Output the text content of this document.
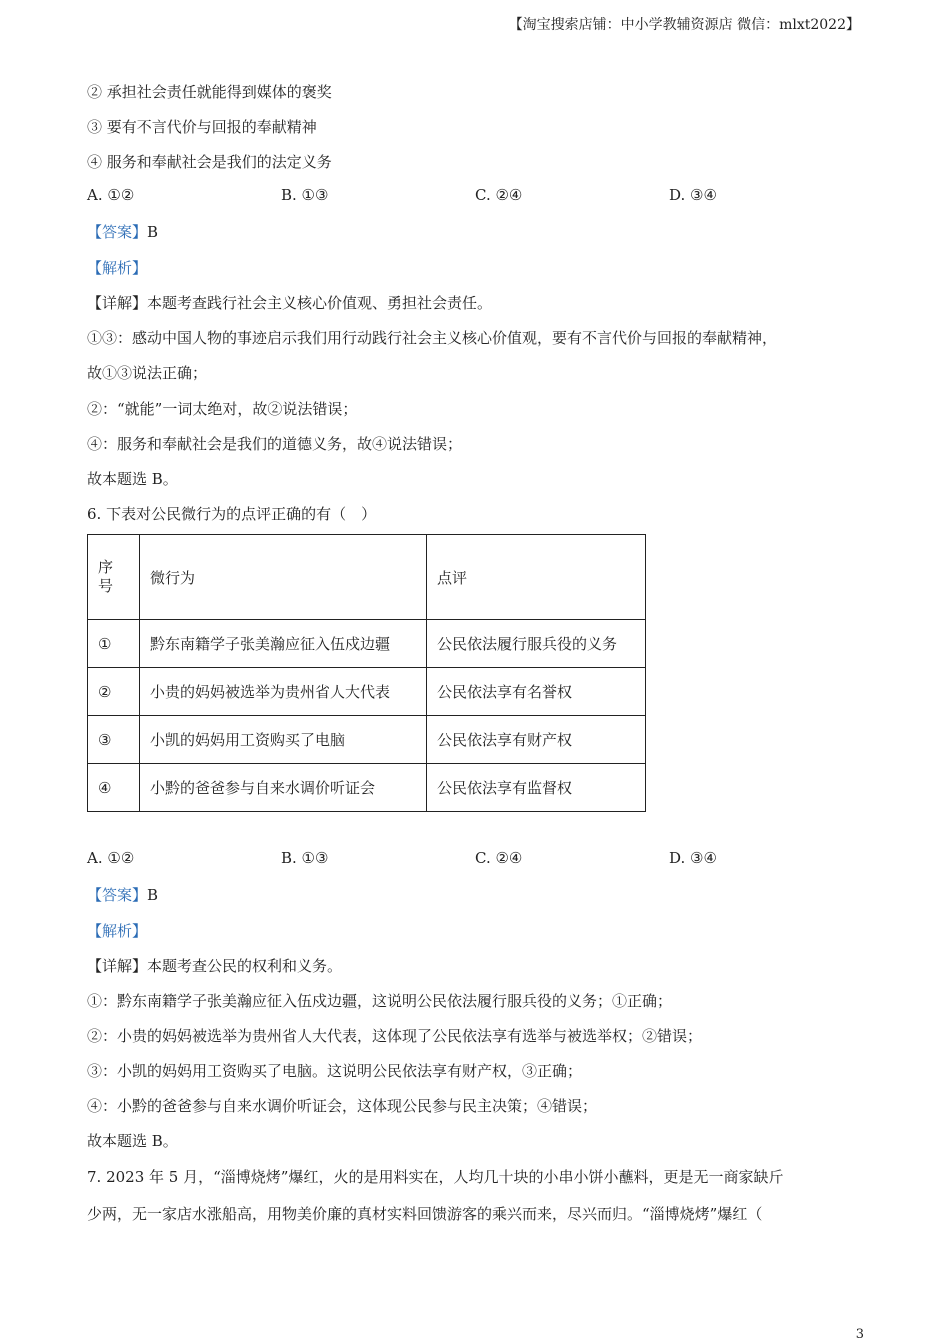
【淘宝搜索店铺：中小学教辅资源店 微信：mlxt2022】
② 承担社会责任就能得到媒体的褒奖
③ 要有不言代价与回报的奉献精神
④ 服务和奉献社会是我们的法定义务
A. ①②	B. ①③	C. ②④	D. ③④
【答案】B
【解析】
【详解】本题考查践行社会主义核心价值观、勇担社会责任。
①③：感动中国人物的事迹启示我们用行动践行社会主义核心价值观，要有不言代价与回报的奉献精神，
故①③说法正确；
②：“就能”一词太绝对，故②说法错误；
④：服务和奉献社会是我们的道德义务，故④说法错误；
故本题选 B。
6. 下表对公民微行为的点评正确的有（　）
序
号	微行为	点评
①	黔东南籍学子张美瀚应征入伍戍边疆	公民依法履行服兵役的义务
②	小贵的妈妈被选举为贵州省人大代表	公民依法享有名誉权
③	小凯的妈妈用工资购买了电脑	公民依法享有财产权
④	小黔的爸爸参与自来水调价听证会	公民依法享有监督权
A. ①②	B. ①③	C. ②④	D. ③④
【答案】B
【解析】
【详解】本题考查公民的权利和义务。
①：黔东南籍学子张美瀚应征入伍戍边疆，这说明公民依法履行服兵役的义务；①正确；
②：小贵的妈妈被选举为贵州省人大代表，这体现了公民依法享有选举与被选举权；②错误；
③：小凯的妈妈用工资购买了电脑。这说明公民依法享有财产权，③正确；
④：小黔的爸爸参与自来水调价听证会，这体现公民参与民主决策；④错误；
故本题选 B。
7. 2023 年 5 月，“淄博烧烤”爆红，火的是用料实在，人均几十块的小串小饼小蘸料，更是无一商家缺斤
少两，无一家店水涨船高，用物美价廉的真材实料回馈游客的乘兴而来，尽兴而归。“淄博烧烤”爆红（
3
